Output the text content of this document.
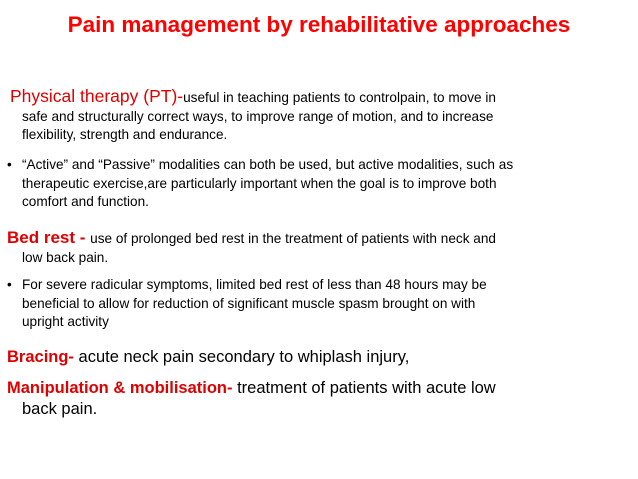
Pain management by rehabilitative approaches
Physical therapy (PT)-useful in teaching patients to controlpain, to move in
safe and structurally correct ways, to improve range of motion, and to increase
flexibility, strength and endurance.
• “Active” and “Passive” modalities can both be used, but active modalities, such as
therapeutic exercise,are particularly important when the goal is to improve both
comfort and function.
Bed rest - use of prolonged bed rest in the treatment of patients with neck and
low back pain.
• For severe radicular symptoms, limited bed rest of less than 48 hours may be
beneficial to allow for reduction of significant muscle spasm brought on with
upright activity
Bracing- acute neck pain secondary to whiplash injury,
Manipulation & mobilisation- treatment of patients with acute low
back pain.
